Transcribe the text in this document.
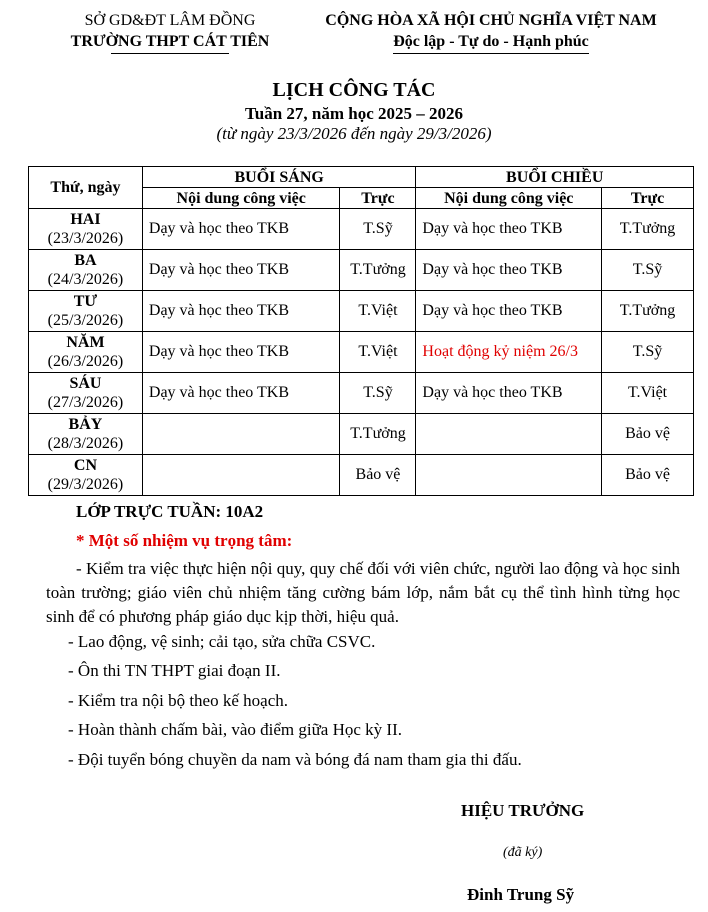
SỞ GD&ĐT LÂM ĐỒNG
TRƯỜNG THPT CÁT TIÊN
CỘNG HÒA XÃ HỘI CHỦ NGHĨA VIỆT NAM
Độc lập - Tự do - Hạnh phúc
LỊCH CÔNG TÁC
Tuần 27, năm học 2025 – 2026
(từ ngày 23/3/2026 đến ngày 29/3/2026)
Thứ, ngày	BUỔI SÁNG		BUỔI CHIỀU	
	Nội dung công việc	Trực	Nội dung công việc	Trực

HAI
(23/3/2026)	Dạy và học theo TKB	T.Sỹ	Dạy và học theo TKB	T.Tưởng

BA
(24/3/2026)	Dạy và học theo TKB	T.Tưởng	Dạy và học theo TKB	T.Sỹ

TƯ
(25/3/2026)	Dạy và học theo TKB	T.Việt	Dạy và học theo TKB	T.Tưởng

NĂM
(26/3/2026)	Dạy và học theo TKB	T.Việt	Hoạt động kỷ niệm 26/3	T.Sỹ

SÁU
(27/3/2026)	Dạy và học theo TKB	T.Sỹ	Dạy và học theo TKB	T.Việt

BẢY
(28/3/2026)		T.Tưởng		Bảo vệ

CN
(29/3/2026)		Bảo vệ		Bảo vệ
LỚP TRỰC TUẦN: 10A2
* Một số nhiệm vụ trọng tâm:
- Kiểm tra việc thực hiện nội quy, quy chế đối với viên chức, người lao động và học sinh toàn trường; giáo viên chủ nhiệm tăng cường bám lớp, nắm bắt cụ thể tình hình từng học sinh để có phương pháp giáo dục kịp thời, hiệu quả.
- Lao động, vệ sinh; cải tạo, sửa chữa CSVC.
- Ôn thi TN THPT giai đoạn II.
- Kiểm tra nội bộ theo kế hoạch.
- Hoàn thành chấm bài, vào điểm giữa Học kỳ II.
- Đội tuyển bóng chuyền da nam và bóng đá nam tham gia thi đấu.
HIỆU TRƯỞNG
(đã ký)
Đinh Trung Sỹ
